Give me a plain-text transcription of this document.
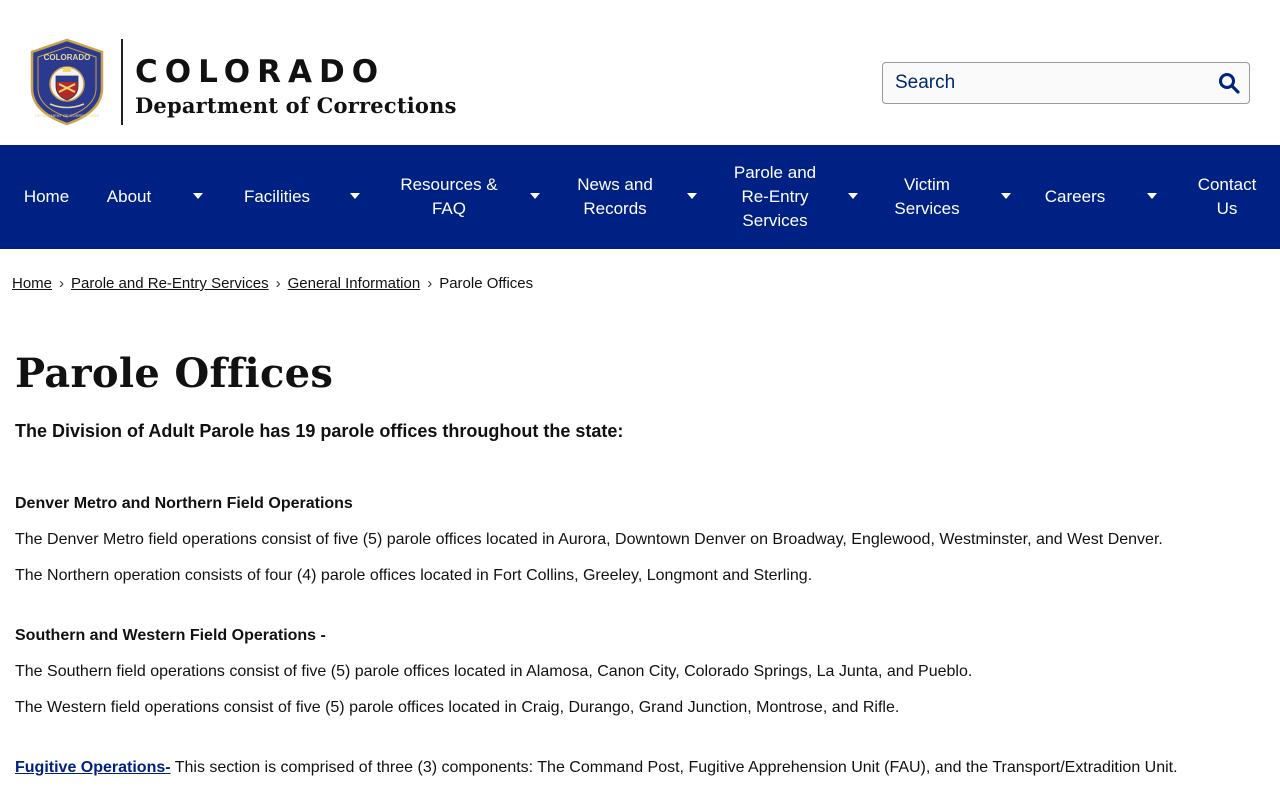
COLORADO
DEPARTMENT OF CORRECTIONS
COLORADO
Department of Corrections
Search
Home	About	Facilities
Resources & FAQ
News and Records
Parole and Re-Entry Services
Victim Services
Careers
Contact Us
Home › Parole and Re-Entry Services › General Information › Parole Offices
Parole Offices
The Division of Adult Parole has 19 parole offices throughout the state:
Denver Metro and Northern Field Operations
The Denver Metro field operations consist of five (5) parole offices located in Aurora, Downtown Denver on Broadway, Englewood, Westminster, and West Denver.
The Northern operation consists of four (4) parole offices located in Fort Collins, Greeley, Longmont and Sterling.
Southern and Western Field Operations -
The Southern field operations consist of five (5) parole offices located in Alamosa, Canon City, Colorado Springs, La Junta, and Pueblo.
The Western field operations consist of five (5) parole offices located in Craig, Durango, Grand Junction, Montrose, and Rifle.
Fugitive Operations- This section is comprised of three (3) components: The Command Post, Fugitive Apprehension Unit (FAU), and the Transport/Extradition Unit.
